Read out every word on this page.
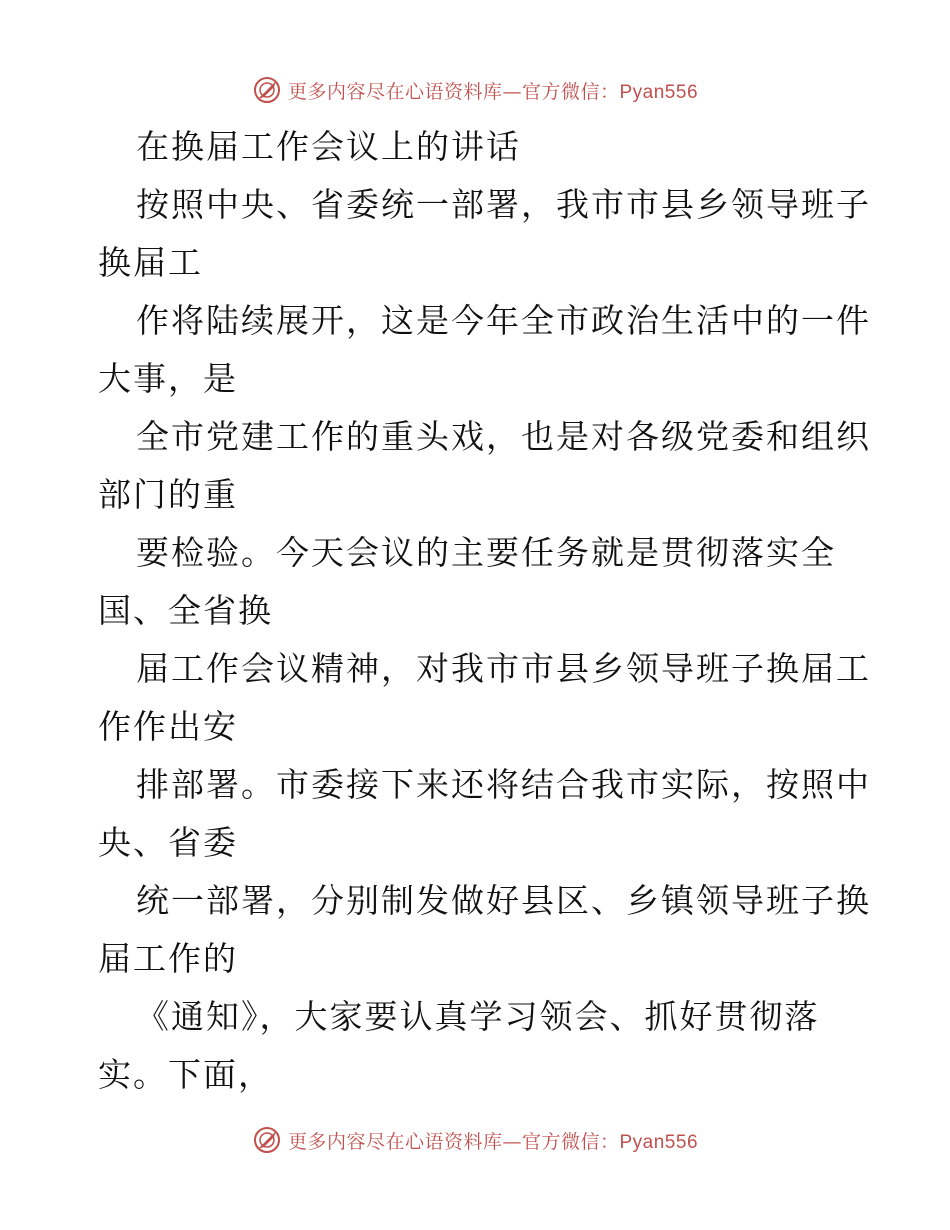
更多内容尽在心语资料库—官方微信：Pyan556
在换届工作会议上的讲话
按照中央、省委统一部署，我市市县乡领导班子
换届工
作将陆续展开，这是今年全市政治生活中的一件
大事，是
全市党建工作的重头戏，也是对各级党委和组织
部门的重
要检验。今天会议的主要任务就是贯彻落实全
国、全省换
届工作会议精神，对我市市县乡领导班子换届工
作作出安
排部署。市委接下来还将结合我市实际，按照中
央、省委
统一部署，分别制发做好县区、乡镇领导班子换
届工作的
《通知》，大家要认真学习领会、抓好贯彻落
实。下面，
更多内容尽在心语资料库—官方微信：Pyan556
